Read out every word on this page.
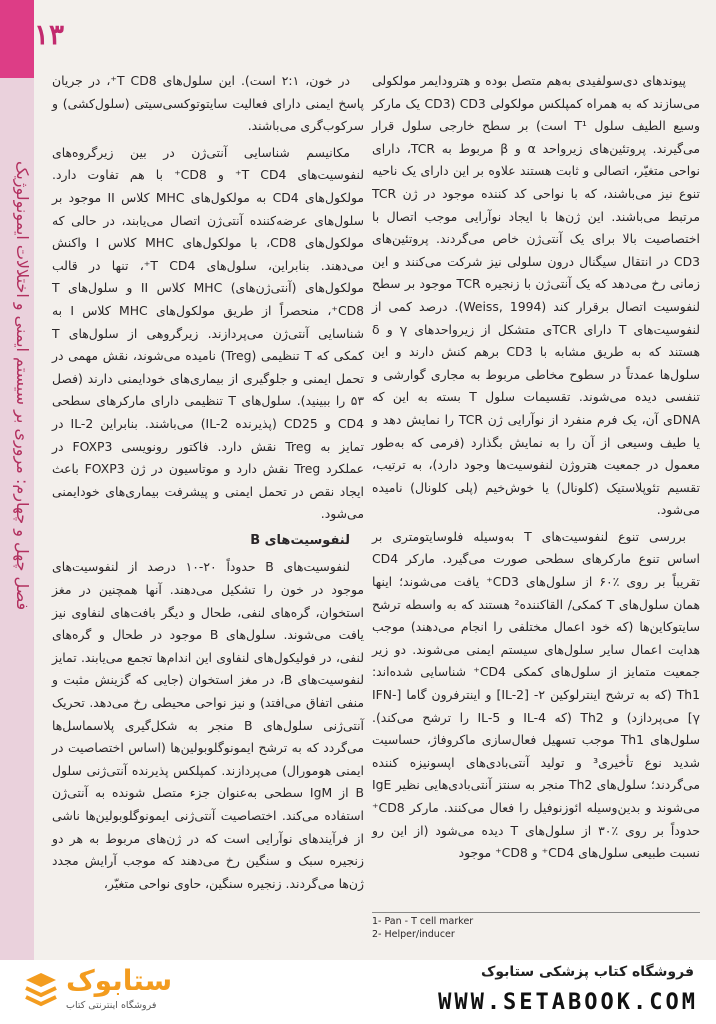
فصل چهل و چهارم: مروری بر سیستم ایمنی و اختلالات ایمونولوژیک
١٣

پیوندهای دی‌سولفیدی به‌هم متصل بوده و هترودایمر مولکولی می‌سازند که به همراه کمپلکس مولکولی CD3) CD3 یک مارکر وسیع الطیف سلول T¹ است) بر سطح خارجی سلول قرار می‌گیرند. پروتئین‌های زیرواحد α و β مربوط به TCR، دارای نواحی متغیّر، اتصالی و ثابت هستند علاوه بر این دارای یک ناحیه تنوع نیز می‌باشند، که با نواحی کد کننده موجود در ژن TCR مرتبط می‌باشند. این ژن‌ها با ایجاد نوآرایی موجب اتصال با اختصاصیت بالا برای یک آنتی‌ژن خاص می‌گردند. پروتئین‌های CD3 در انتقال سیگنال درون سلولی نیز شرکت می‌کنند و این زمانی رخ می‌دهد که یک آنتی‌ژن با زنجیره TCR موجود بر سطح لنفوسیت اتصال برقرار کند (Weiss, 1994). درصد کمی از لنفوسیت‌های T دارای TCRی متشکل از زیرواحدهای γ و δ هستند که به طریق مشابه با CD3 برهم کنش دارند و این سلول‌ها عمدتاً در سطوح مخاطی مربوط به مجاری گوارشی و تنفسی دیده می‌شوند. تقسیمات سلول T بسته به این که DNAی آن، یک فرم منفرد از نوآرایی ژن TCR را نمایش دهد و یا طیف وسیعی از آن را به نمایش بگذارد (فرمی که به‌طور معمول در جمعیت هتروژن لنفوسیت‌ها وجود دارد)، به ترتیب، تقسیم تئوپلاستیک (کلونال) یا خوش‌خیم (پلی کلونال) نامیده می‌شود.

بررسی تنوع لنفوسیت‌های T به‌وسیله فلوسایتومتری بر اساس تنوع مارکرهای سطحی صورت می‌گیرد. مارکر CD4 تقریباً بر روی ٪۶۰ از سلول‌های CD3⁺ یافت می‌شوند؛ اینها همان سلول‌های T کمکی/ القاکننده² هستند که به واسطه ترشح سایتوکاین‌ها (که خود اعمال مختلفی را انجام می‌دهند) موجب هدایت اعمال سایر سلول‌های سیستم ایمنی می‌شوند. دو زیر جمعیت متمایز از سلول‌های کمکی CD4⁺ شناسایی شده‌اند: Th1 (که به ترشح اینترلوکین ۲- [IL-2] و اینترفرون گاما [IFN-γ] می‌پردازد) و Th2 (که IL-4 و IL-5 را ترشح می‌کند). سلول‌های Th1 موجب تسهیل فعال‌سازی ماکروفاژ، حساسیت شدید نوع تأخیری³ و تولید آنتی‌بادی‌های اپسونیزه کننده می‌گردند؛ سلول‌های Th2 منجر به سنتز آنتی‌بادی‌هایی نظیر IgE می‌شوند و بدین‌وسیله ائوزنوفیل را فعال می‌کنند. مارکر CD8⁺ حدوداً بر روی ٪۳۰ از سلول‌های T دیده می‌شود (از این رو نسبت طبیعی سلول‌های CD4⁺ و CD8⁺ موجود

در خون، ۲:۱ است). این سلول‌های T CD8⁺، در جریان پاسخ ایمنی دارای فعالیت سایتوتوکسی‌سیتی (سلول‌کشی) و سرکوب‌گری می‌باشند.

مکانیسم شناسایی آنتی‌ژن در بین زیرگروه‌های لنفوسیت‌های T CD4⁺ و CD8⁺ با هم تفاوت دارد. مولکول‌های CD4 به مولکول‌های MHC کلاس II موجود بر سلول‌های عرضه‌کننده آنتی‌ژن اتصال می‌یابند، در حالی که مولکول‌های CD8، با مولکول‌های MHC کلاس I واکنش می‌دهند. بنابراین، سلول‌های T CD4⁺، تنها در قالب مولکول‌های (آنتی‌ژن‌های) MHC کلاس II و سلول‌های T CD8⁺، منحصراً از طریق مولکول‌های MHC کلاس I به شناسایی آنتی‌ژن می‌پردازند. زیرگروهی از سلول‌های T کمکی که T تنظیمی (Treg) نامیده می‌شوند، نقش مهمی در تحمل ایمنی و جلوگیری از بیماری‌های خودایمنی دارند (فصل ۵۳ را ببینید). سلول‌های T تنظیمی دارای مارکرهای سطحی CD4 و CD25 (پذیرنده IL-2) می‌باشند. بنابراین IL-2 در تمایز به Treg نقش دارد. فاکتور رونویسی FOXP3 در عملکرد Treg نقش دارد و موتاسیون در ژن FOXP3 باعث ایجاد نقص در تحمل ایمنی و پیشرفت بیماری‌های خودایمنی می‌شود.

لنفوسیت‌های B

لنفوسیت‌های B حدوداً ۲۰-۱۰ درصد از لنفوسیت‌های موجود در خون را تشکیل می‌دهند. آنها همچنین در مغز استخوان، گره‌های لنفی، طحال و دیگر بافت‌های لنفاوی نیز یافت می‌شوند. سلول‌های B موجود در طحال و گره‌های لنفی، در فولیکول‌های لنفاوی این اندام‌ها تجمع می‌یابند. تمایز لنفوسیت‌های B، در مغز استخوان (جایی که گزینش مثبت و منفی اتفاق می‌افتد) و نیز نواحی محیطی رخ می‌دهد. تحریک آنتی‌ژنی سلول‌های B منجر به شکل‌گیری پلاسماسل‌ها می‌گردد که به ترشح ایمونوگلوبولین‌ها (اساس اختصاصیت در ایمنی هومورال) می‌پردازند. کمپلکس پذیرنده آنتی‌ژنی سلول B از IgM سطحی به‌عنوان جزء متصل شونده به آنتی‌ژن استفاده می‌کند. اختصاصیت آنتی‌ژنی ایمونوگلوبولین‌ها ناشی از فرآیندهای نوآرایی است که در ژن‌های مربوط به هر دو زنجیره سبک و سنگین رخ می‌دهند که موجب آرایش مجدد ژن‌ها می‌گردند. زنجیره سنگین، حاوی نواحی متغیّر،

1- Pan - T cell marker
2- Helper/inducer
ستابوک
فروشگاه اینترنتی کتاب
فروشگاه کتاب پزشکی ستابوک
WWW.SETABOOK.COM
